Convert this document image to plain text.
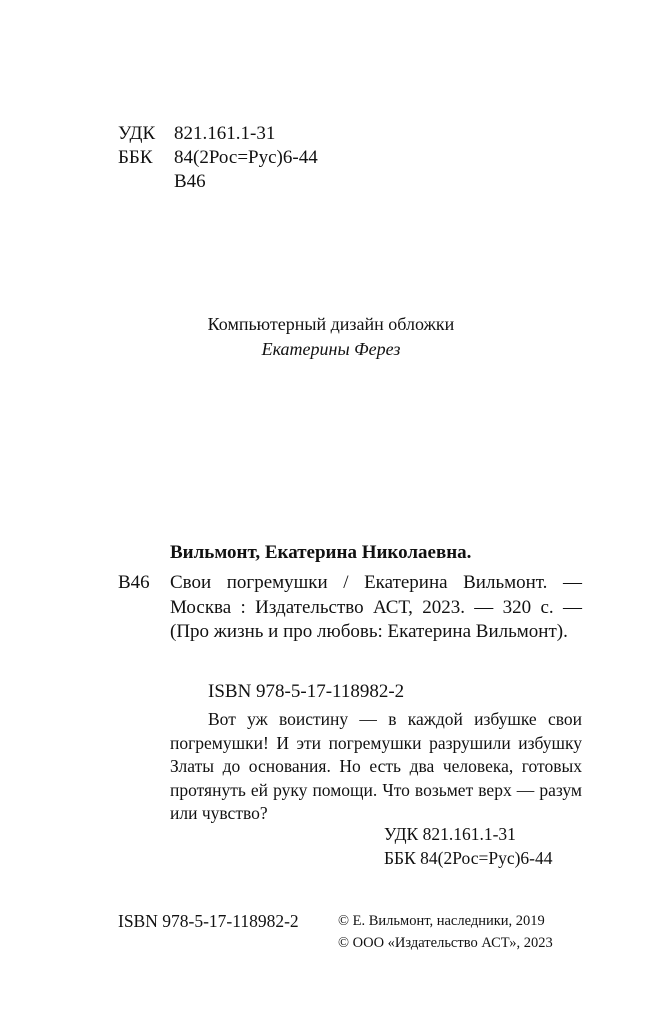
УДК 821.161.1-31
ББК	84(2Рос=Рус)6-44
В46
Компьютерный дизайн обложки
Екатерины Ферез
Вильмонт, Екатерина Николаевна.
В46 Свои погремушки / Екатерина Вильмонт. — Москва : Издательство АСТ, 2023. — 320 с. — (Про жизнь и про любовь: Екатерина Вильмонт).
ISBN 978-5-17-118982-2
Вот уж воистину — в каждой избушке свои погремушки! И эти погремушки разрушили избушку Златы до основания. Но есть два человека, готовых протянуть ей руку помощи. Что возьмет верх — разум или чувство?
УДК 821.161.1-31
ББК 84(2Рос=Рус)6-44
ISBN 978-5-17-118982-2	© Е. Вильмонт, наследники, 2019
© ООО «Издательство АСТ», 2023
